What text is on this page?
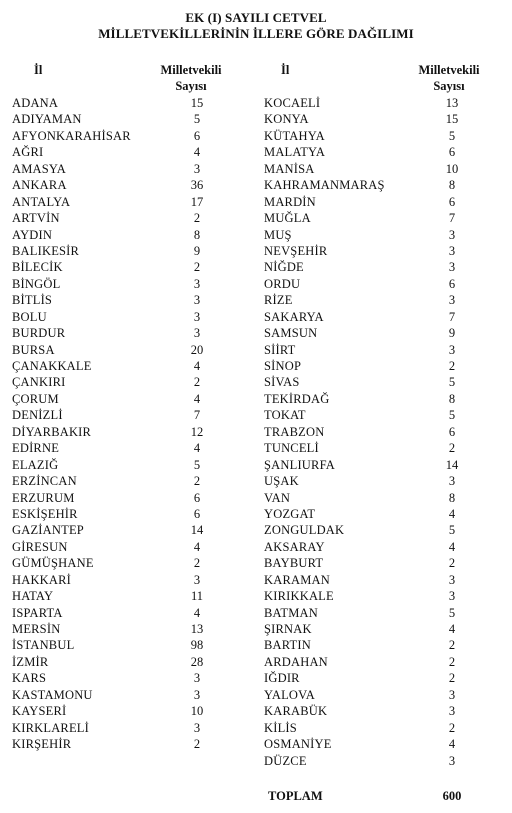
EK (I) SAYILI CETVEL
MİLLETVEKİLLERİNİN İLLERE GÖRE DAĞILIMI
İl	Milletvekili
Sayısı
İl	Milletvekili
Sayısı
ADANA	15
ADIYAMAN	5
AFYONKARAHİSAR	6
AĞRI	4
AMASYA	3
ANKARA	36
ANTALYA	17
ARTVİN	2
AYDIN	8
BALIKESİR	9
BİLECİK	2
BİNGÖL	3
BİTLİS	3
BOLU	3
BURDUR	3
BURSA	20
ÇANAKKALE	4
ÇANKIRI	2
ÇORUM	4
DENİZLİ	7
DİYARBAKIR	12
EDİRNE	4
ELAZIĞ	5
ERZİNCAN	2
ERZURUM	6
ESKİŞEHİR	6
GAZİANTEP	14
GİRESUN	4
GÜMÜŞHANE	2
HAKKARİ	3
HATAY	11
ISPARTA	4
MERSİN	13
İSTANBUL	98
İZMİR	28
KARS	3
KASTAMONU	3
KAYSERİ	10
KIRKLARELİ	3
KIRŞEHİR	2
KOCAELİ	13
KONYA	15
KÜTAHYA	5
MALATYA	6
MANİSA	10
KAHRAMANMARAŞ	8
MARDİN	6
MUĞLA	7
MUŞ	3
NEVŞEHİR	3
NİĞDE	3
ORDU	6
RİZE	3
SAKARYA	7
SAMSUN	9
SİİRT	3
SİNOP	2
SİVAS	5
TEKİRDAĞ	8
TOKAT	5
TRABZON	6
TUNCELİ	2
ŞANLIURFA	14
UŞAK	3
VAN	8
YOZGAT	4
ZONGULDAK	5
AKSARAY	4
BAYBURT	2
KARAMAN	3
KIRIKKALE	3
BATMAN	5
ŞIRNAK	4
BARTIN	2
ARDAHAN	2
IĞDIR	2
YALOVA	3
KARABÜK	3
KİLİS	2
OSMANİYE	4
DÜZCE	3
TOPLAM	600
